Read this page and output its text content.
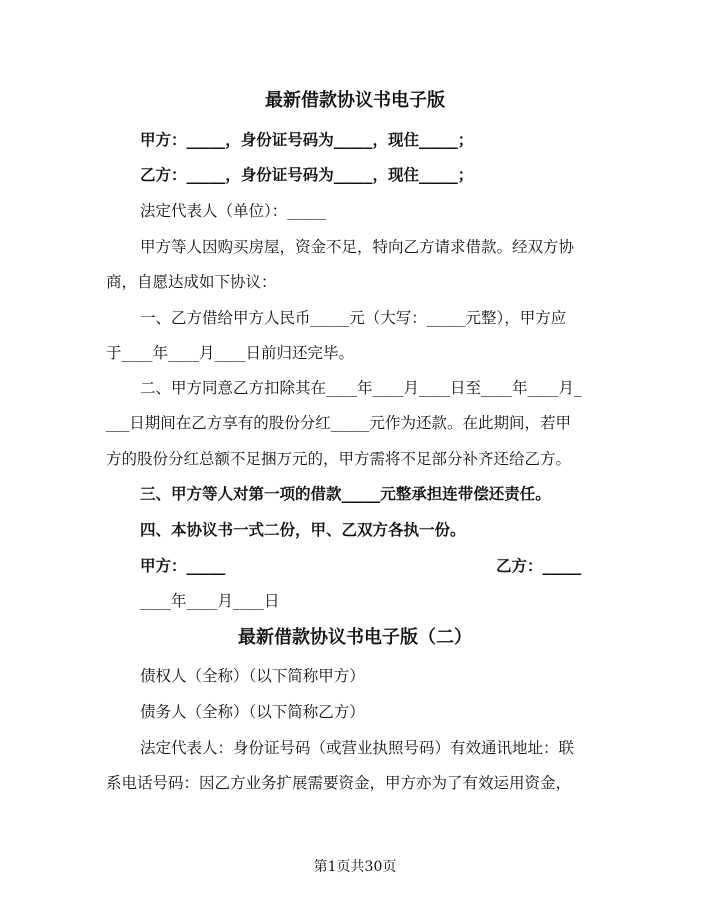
最新借款协议书电子版
甲方：_____，身份证号码为_____，现住_____；
乙方：_____，身份证号码为_____，现住_____；
法定代表人（单位）：_____
甲方等人因购买房屋，资金不足，特向乙方请求借款。经双方协
商，自愿达成如下协议：
一、乙方借给甲方人民币_____元（大写：_____元整），甲方应
于____年____月____日前归还完毕。
二、甲方同意乙方扣除其在____年____月____日至____年____月_
___日期间在乙方享有的股份分红_____元作为还款。在此期间，若甲
方的股份分红总额不足捆万元的，甲方需将不足部分补齐还给乙方。
三、甲方等人对第一项的借款_____元整承担连带偿还责任。
四、本协议书一式二份，甲、乙双方各执一份。
甲方：_____	乙方：_____
____年____月____日
最新借款协议书电子版（二）
债权人（全称）（以下简称甲方）
债务人（全称）（以下简称乙方）
法定代表人：身份证号码（或营业执照号码）有效通讯地址：联
系电话号码：因乙方业务扩展需要资金，甲方亦为了有效运用资金，
第1页共30页
